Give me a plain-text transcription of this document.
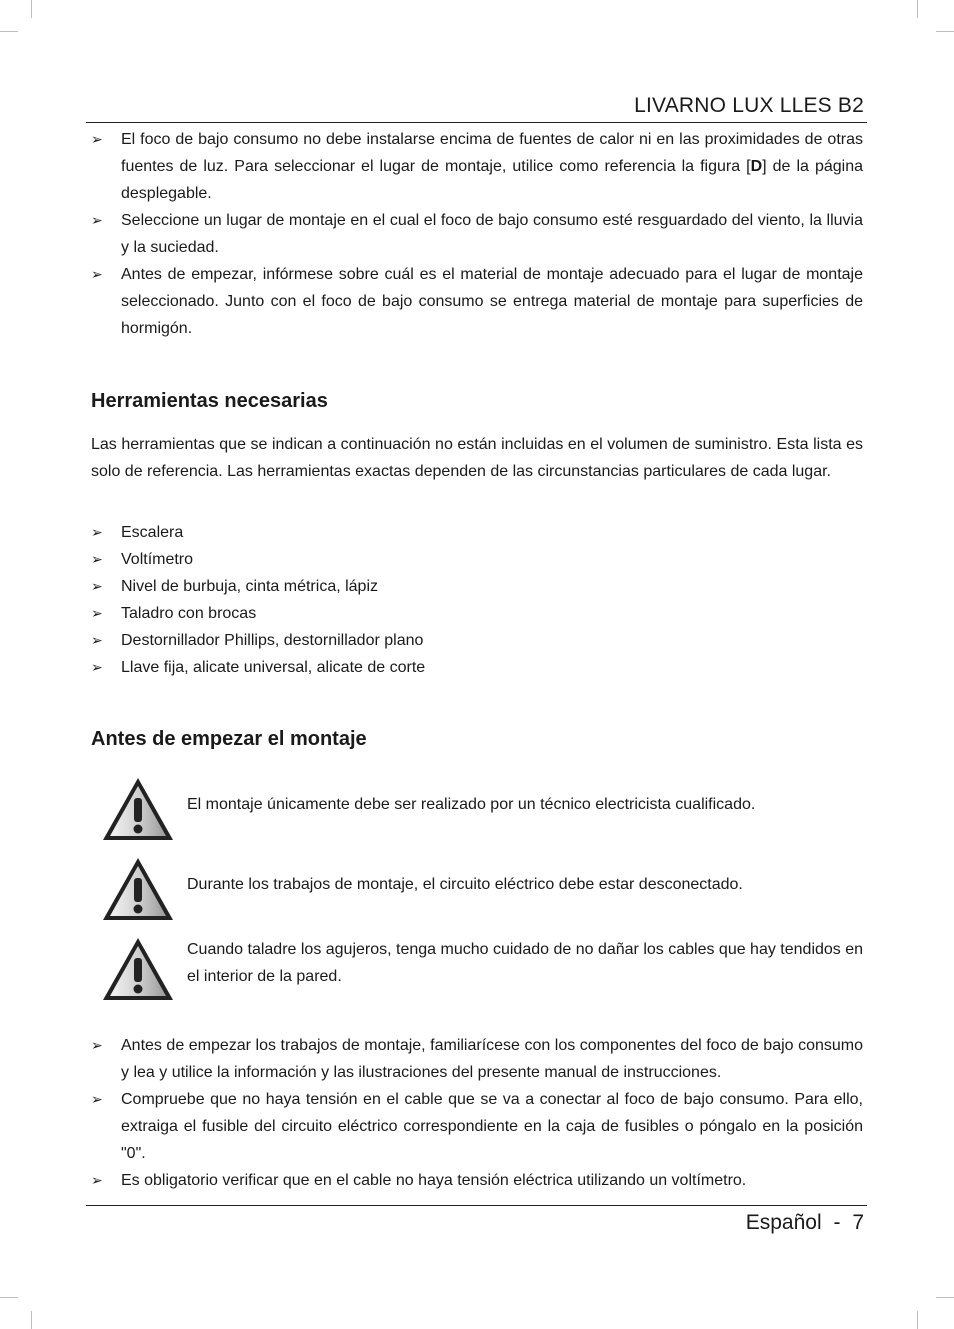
LIVARNO LUX LLES B2
➢ El foco de bajo consumo no debe instalarse encima de fuentes de calor ni en las proximidades de otras fuentes de luz. Para seleccionar el lugar de montaje, utilice como referencia la figura [D] de la página desplegable.
➢ Seleccione un lugar de montaje en el cual el foco de bajo consumo esté resguardado del viento, la lluvia y la suciedad.
➢ Antes de empezar, infórmese sobre cuál es el material de montaje adecuado para el lugar de montaje seleccionado. Junto con el foco de bajo consumo se entrega material de montaje para superficies de hormigón.
Herramientas necesarias

Las herramientas que se indican a continuación no están incluidas en el volumen de suministro. Esta lista es solo de referencia. Las herramientas exactas dependen de las circunstancias particulares de cada lugar.

➢ Escalera
➢ Voltímetro
➢ Nivel de burbuja, cinta métrica, lápiz
➢ Taladro con brocas
➢ Destornillador Phillips, destornillador plano
➢ Llave fija, alicate universal, alicate de corte
Antes de empezar el montaje
El montaje únicamente debe ser realizado por un técnico electricista cualificado.
Durante los trabajos de montaje, el circuito eléctrico debe estar desconectado.
Cuando taladre los agujeros, tenga mucho cuidado de no dañar los cables que hay tendidos en el interior de la pared.
➢ Antes de empezar los trabajos de montaje, familiarícese con los componentes del foco de bajo consumo y lea y utilice la información y las ilustraciones del presente manual de instrucciones.
➢ Compruebe que no haya tensión en el cable que se va a conectar al foco de bajo consumo. Para ello, extraiga el fusible del circuito eléctrico correspondiente en la caja de fusibles o póngalo en la posición "0".
➢ Es obligatorio verificar que en el cable no haya tensión eléctrica utilizando un voltímetro.
Español - 7
